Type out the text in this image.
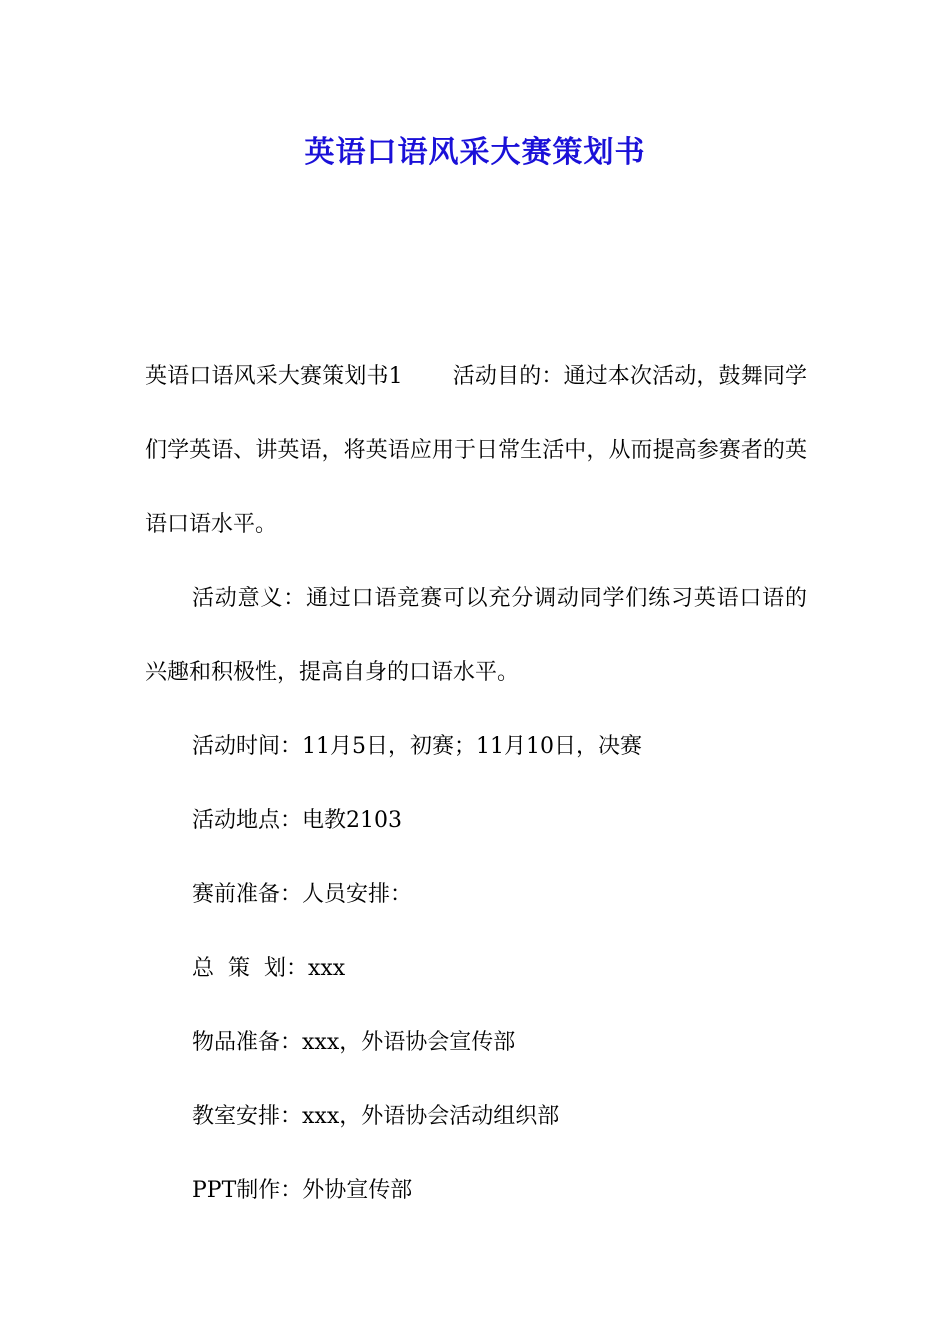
英语口语风采大赛策划书

英语口语风采大赛策划书1 活动目的：通过本次活动，鼓舞同学们学英语、讲英语，将英语应用于日常生活中，从而提高参赛者的英语口语水平。

活动意义：通过口语竞赛可以充分调动同学们练习英语口语的兴趣和积极性，提高自身的口语水平。

活动时间：11月5日，初赛；11月10日，决赛

活动地点：电教2103

赛前准备：人员安排：

总  策  划：xxx

物品准备：xxx，外语协会宣传部

教室安排：xxx，外语协会活动组织部

PPT制作：外协宣传部
